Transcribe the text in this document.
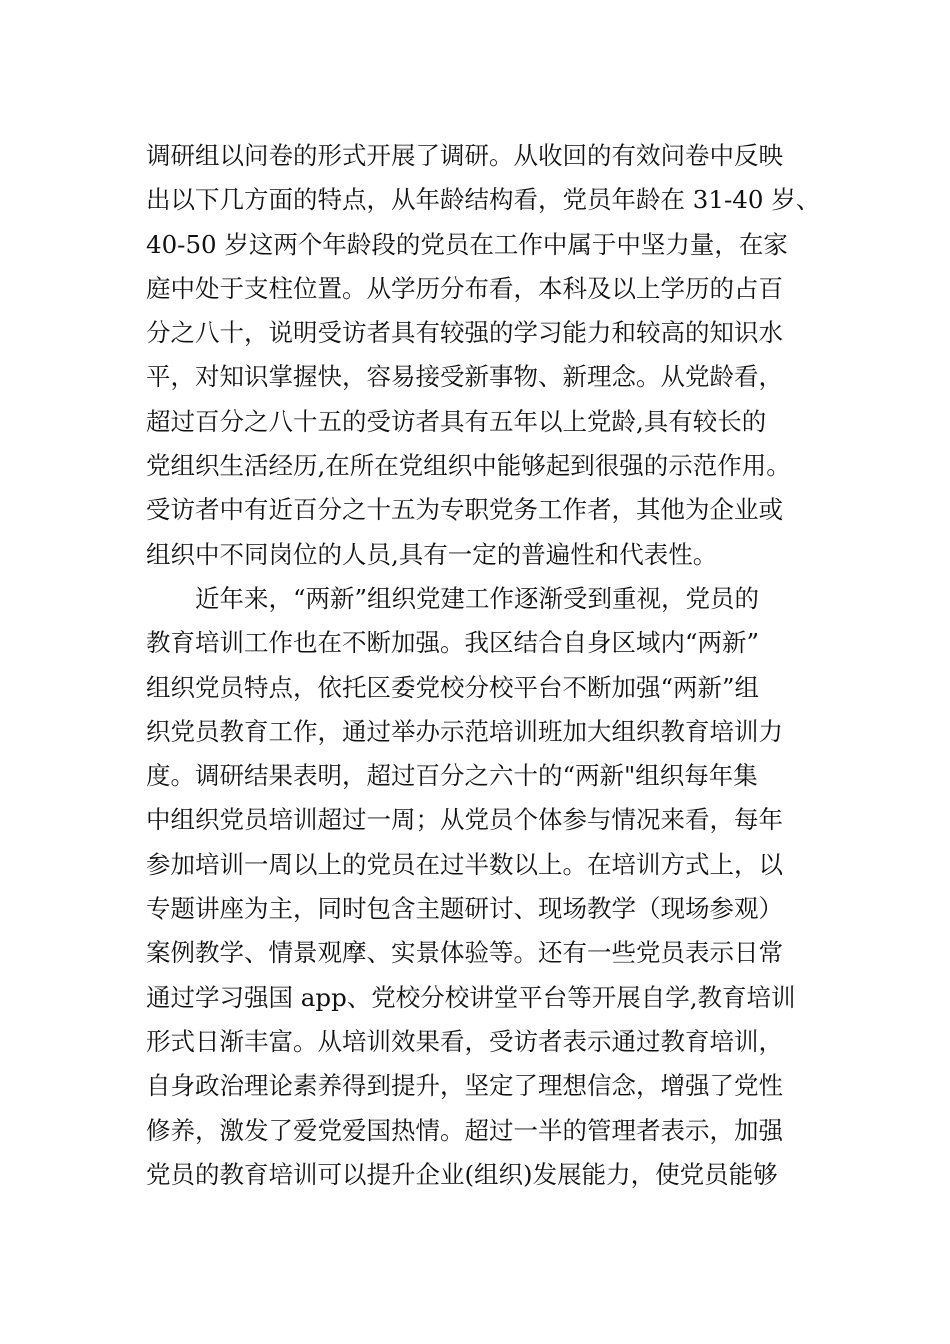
调研组以问卷的形式开展了调研。从收回的有效问卷中反映
出以下几方面的特点，从年龄结构看，党员年龄在 31-40 岁、
40-50 岁这两个年龄段的党员在工作中属于中坚力量，在家
庭中处于支柱位置。从学历分布看，本科及以上学历的占百
分之八十，说明受访者具有较强的学习能力和较高的知识水
平，对知识掌握快，容易接受新事物、新理念。从党龄看，
超过百分之八十五的受访者具有五年以上党龄,具有较长的
党组织生活经历,在所在党组织中能够起到很强的示范作用。
受访者中有近百分之十五为专职党务工作者，其他为企业或
组织中不同岗位的人员,具有一定的普遍性和代表性。
近年来，“两新”组织党建工作逐渐受到重视，党员的
教育培训工作也在不断加强。我区结合自身区域内“两新”
组织党员特点，依托区委党校分校平台不断加强“两新”组
织党员教育工作，通过举办示范培训班加大组织教育培训力
度。调研结果表明，超过百分之六十的“两新"组织每年集
中组织党员培训超过一周；从党员个体参与情况来看，每年
参加培训一周以上的党员在过半数以上。在培训方式上，以
专题讲座为主，同时包含主题研讨、现场教学（现场参观）
案例教学、情景观摩、实景体验等。还有一些党员表示日常
通过学习强国 app、党校分校讲堂平台等开展自学,教育培训
形式日渐丰富。从培训效果看，受访者表示通过教育培训，
自身政治理论素养得到提升，坚定了理想信念，增强了党性
修养，激发了爱党爱国热情。超过一半的管理者表示，加强
党员的教育培训可以提升企业(组织)发展能力，使党员能够
